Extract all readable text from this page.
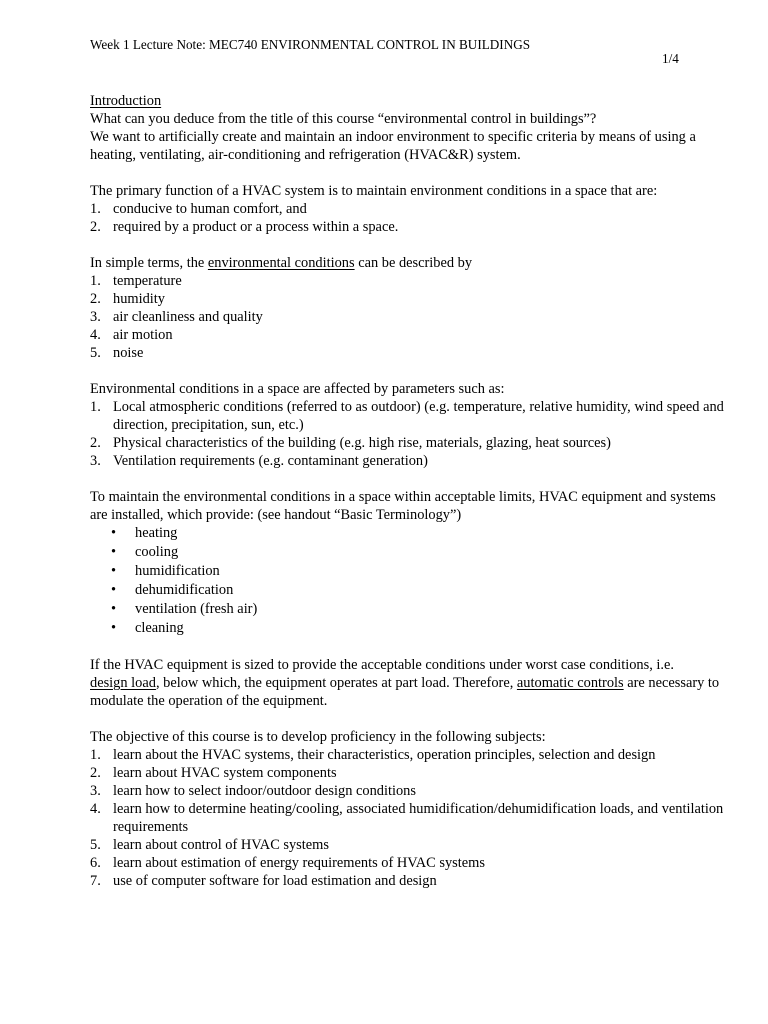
Week 1 Lecture Note: MEC740 ENVIRONMENTAL CONTROL IN BUILDINGS
1/4

Introduction

What can you deduce from the title of this course “environmental control in buildings”?

We want to artificially create and maintain an indoor environment to specific criteria by means of using a heating, ventilating, air-conditioning and refrigeration (HVAC&R) system.

The primary function of a HVAC system is to maintain environment conditions in a space that are:

1. conducive to human comfort, and
2. required by a product or a process within a space.

In simple terms, the environmental conditions can be described by

1. temperature
2. humidity
3. air cleanliness and quality
4. air motion
5. noise

Environmental conditions in a space are affected by parameters such as:

1. Local atmospheric conditions (referred to as outdoor) (e.g. temperature, relative humidity, wind speed and direction, precipitation, sun, etc.)
2. Physical characteristics of the building (e.g. high rise, materials, glazing, heat sources)
3. Ventilation requirements (e.g. contaminant generation)

To maintain the environmental conditions in a space within acceptable limits, HVAC equipment and systems are installed, which provide: (see handout “Basic Terminology”)

• heating
• cooling
• humidification
• dehumidification
• ventilation (fresh air)
• cleaning

If the HVAC equipment is sized to provide the acceptable conditions under worst case conditions, i.e.
design load, below which, the equipment operates at part load. Therefore, automatic controls are necessary to modulate the operation of the equipment.

The objective of this course is to develop proficiency in the following subjects:

1. learn about the HVAC systems, their characteristics, operation principles, selection and design
2. learn about HVAC system components
3. learn how to select indoor/outdoor design conditions
4. learn how to determine heating/cooling, associated humidification/dehumidification loads, and ventilation requirements
5. learn about control of HVAC systems
6. learn about estimation of energy requirements of HVAC systems
7. use of computer software for load estimation and design
